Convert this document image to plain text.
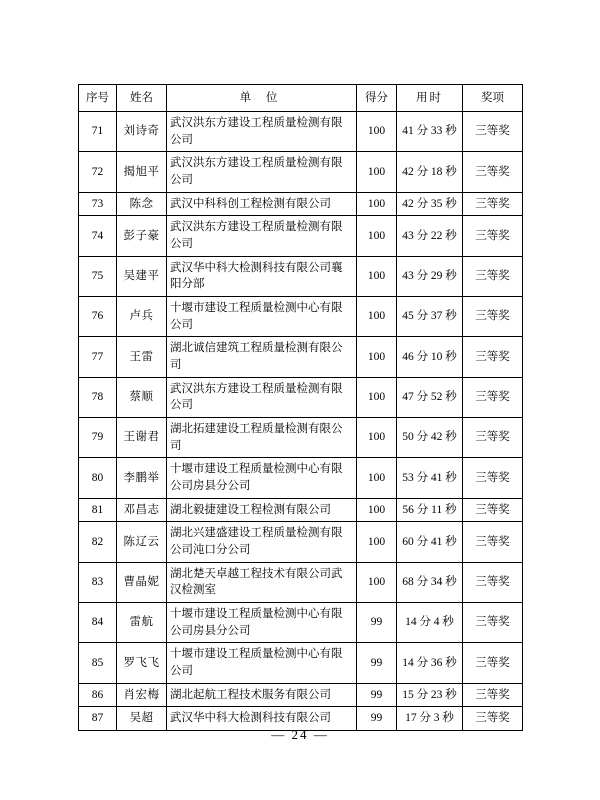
序号	姓名	单 位	得分	用时	奖项
71	刘诗奇	武汉洪东方建设工程质量检测有限公司	100	41 分 33 秒	三等奖
72	揭旭平	武汉洪东方建设工程质量检测有限公司	100	42 分 18 秒	三等奖
73	陈念	武汉中科科创工程检测有限公司	100	42 分 35 秒	三等奖
74	彭子豪	武汉洪东方建设工程质量检测有限公司	100	43 分 22 秒	三等奖
75	吴建平	武汉华中科大检测科技有限公司襄阳分部	100	43 分 29 秒	三等奖
76	卢兵	十堰市建设工程质量检测中心有限公司	100	45 分 37 秒	三等奖
77	王雷	湖北诚信建筑工程质量检测有限公司	100	46 分 10 秒	三等奖
78	蔡顺	武汉洪东方建设工程质量检测有限公司	100	47 分 52 秒	三等奖
79	王谢君	湖北拓建建设工程质量检测有限公司	100	50 分 42 秒	三等奖
80	李鹏举	十堰市建设工程质量检测中心有限公司房县分公司	100	53 分 41 秒	三等奖
81	邓昌志	湖北毅捷建设工程检测有限公司	100	56 分 11 秒	三等奖
82	陈辽云	湖北兴建盛建设工程质量检测有限公司沌口分公司	100	60 分 41 秒	三等奖
83	曹晶妮	湖北楚天卓越工程技术有限公司武汉检测室	100	68 分 34 秒	三等奖
84	雷航	十堰市建设工程质量检测中心有限公司房县分公司	99	14 分 4 秒	三等奖
85	罗飞飞	十堰市建设工程质量检测中心有限公司	99	14 分 36 秒	三等奖
86	肖宏梅	湖北起航工程技术服务有限公司	99	15 分 23 秒	三等奖
87	吴超	武汉华中科大检测科技有限公司	99	17 分 3 秒	三等奖
— 24 —
